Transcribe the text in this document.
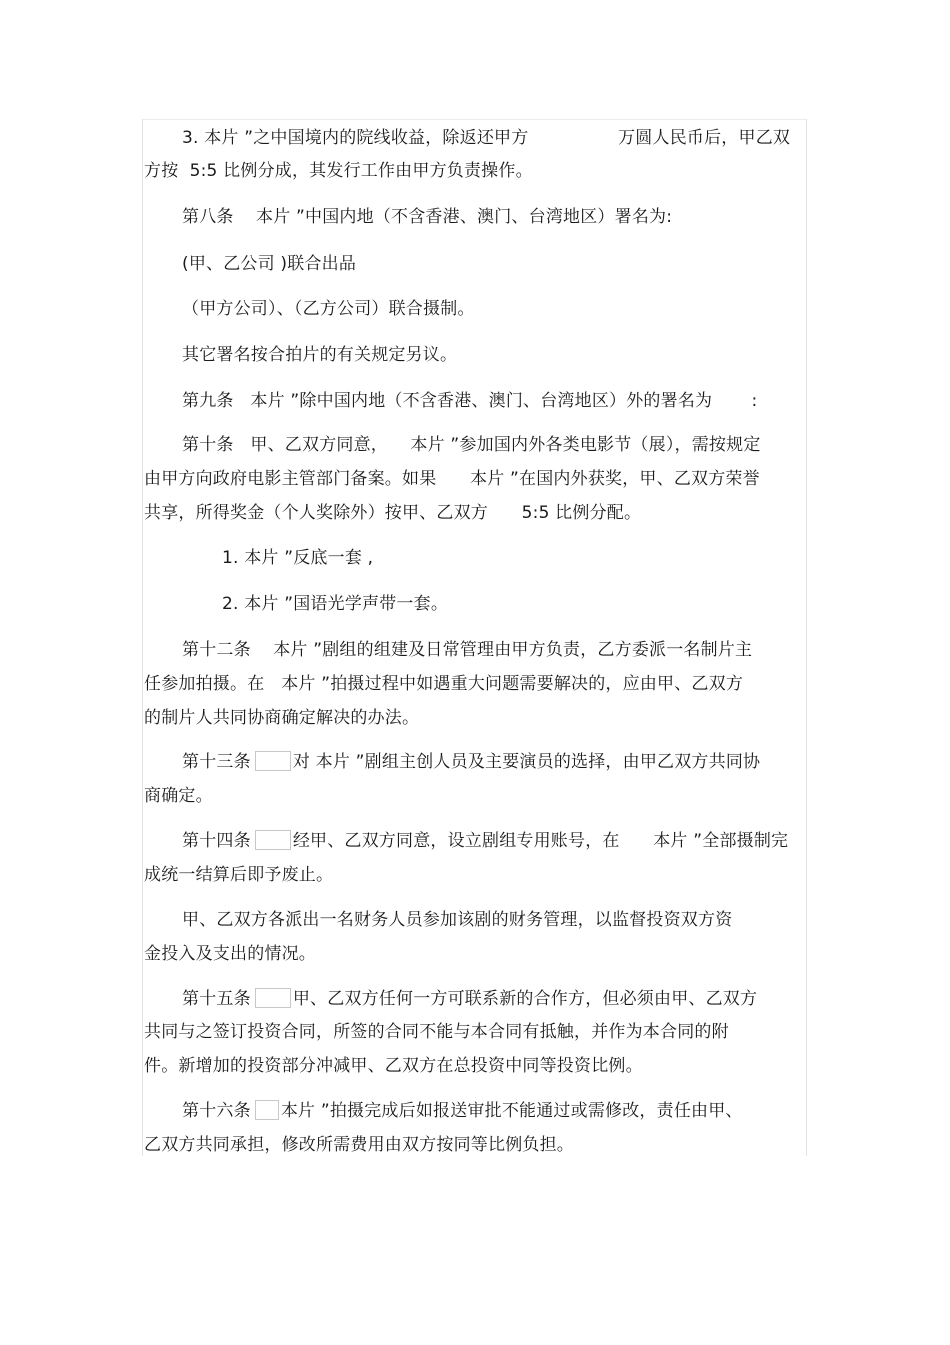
3. 本片 ”之中国境内的院线收益，除返还甲方                万圆人民币后，甲乙双
方按  5:5 比例分成，其发行工作由甲方负责操作。
第八条    本片 ”中国内地（不含香港、澳门、台湾地区）署名为:
(甲、乙公司 )联合出品
（甲方公司）、（乙方公司）联合摄制。
其它署名按合拍片的有关规定另议。
第九条   本片 ”除中国内地（不含香港、澳门、台湾地区）外的署名为       :
第十条   甲、乙双方同意，    本片 ”参加国内外各类电影节（展），需按规定
由甲方向政府电影主管部门备案。如果      本片 ”在国内外获奖，甲、乙双方荣誉
共享，所得奖金（个人奖除外）按甲、乙双方      5:5 比例分配。
1. 本片 ”反底一套 ,
2. 本片 ”国语光学声带一套。
第十二条    本片 ”剧组的组建及日常管理由甲方负责，乙方委派一名制片主
任参加拍摄。在   本片 ”拍摄过程中如遇重大问题需要解决的，应由甲、乙双方
的制片人共同协商确定解决的办法。
第十三条 对 本片 ”剧组主创人员及主要演员的选择，由甲乙双方共同协
商确定。
第十四条 经甲、乙双方同意，设立剧组专用账号，在      本片 ”全部摄制完
成统一结算后即予废止。
甲、乙双方各派出一名财务人员参加该剧的财务管理，以监督投资双方资
金投入及支出的情况。
第十五条 甲、乙双方任何一方可联系新的合作方，但必须由甲、乙双方
共同与之签订投资合同，所签的合同不能与本合同有抵触，并作为本合同的附
件。新增加的投资部分冲减甲、乙双方在总投资中同等投资比例。
第十六条 本片 ”拍摄完成后如报送审批不能通过或需修改，责任由甲、
乙双方共同承担，修改所需费用由双方按同等比例负担。
